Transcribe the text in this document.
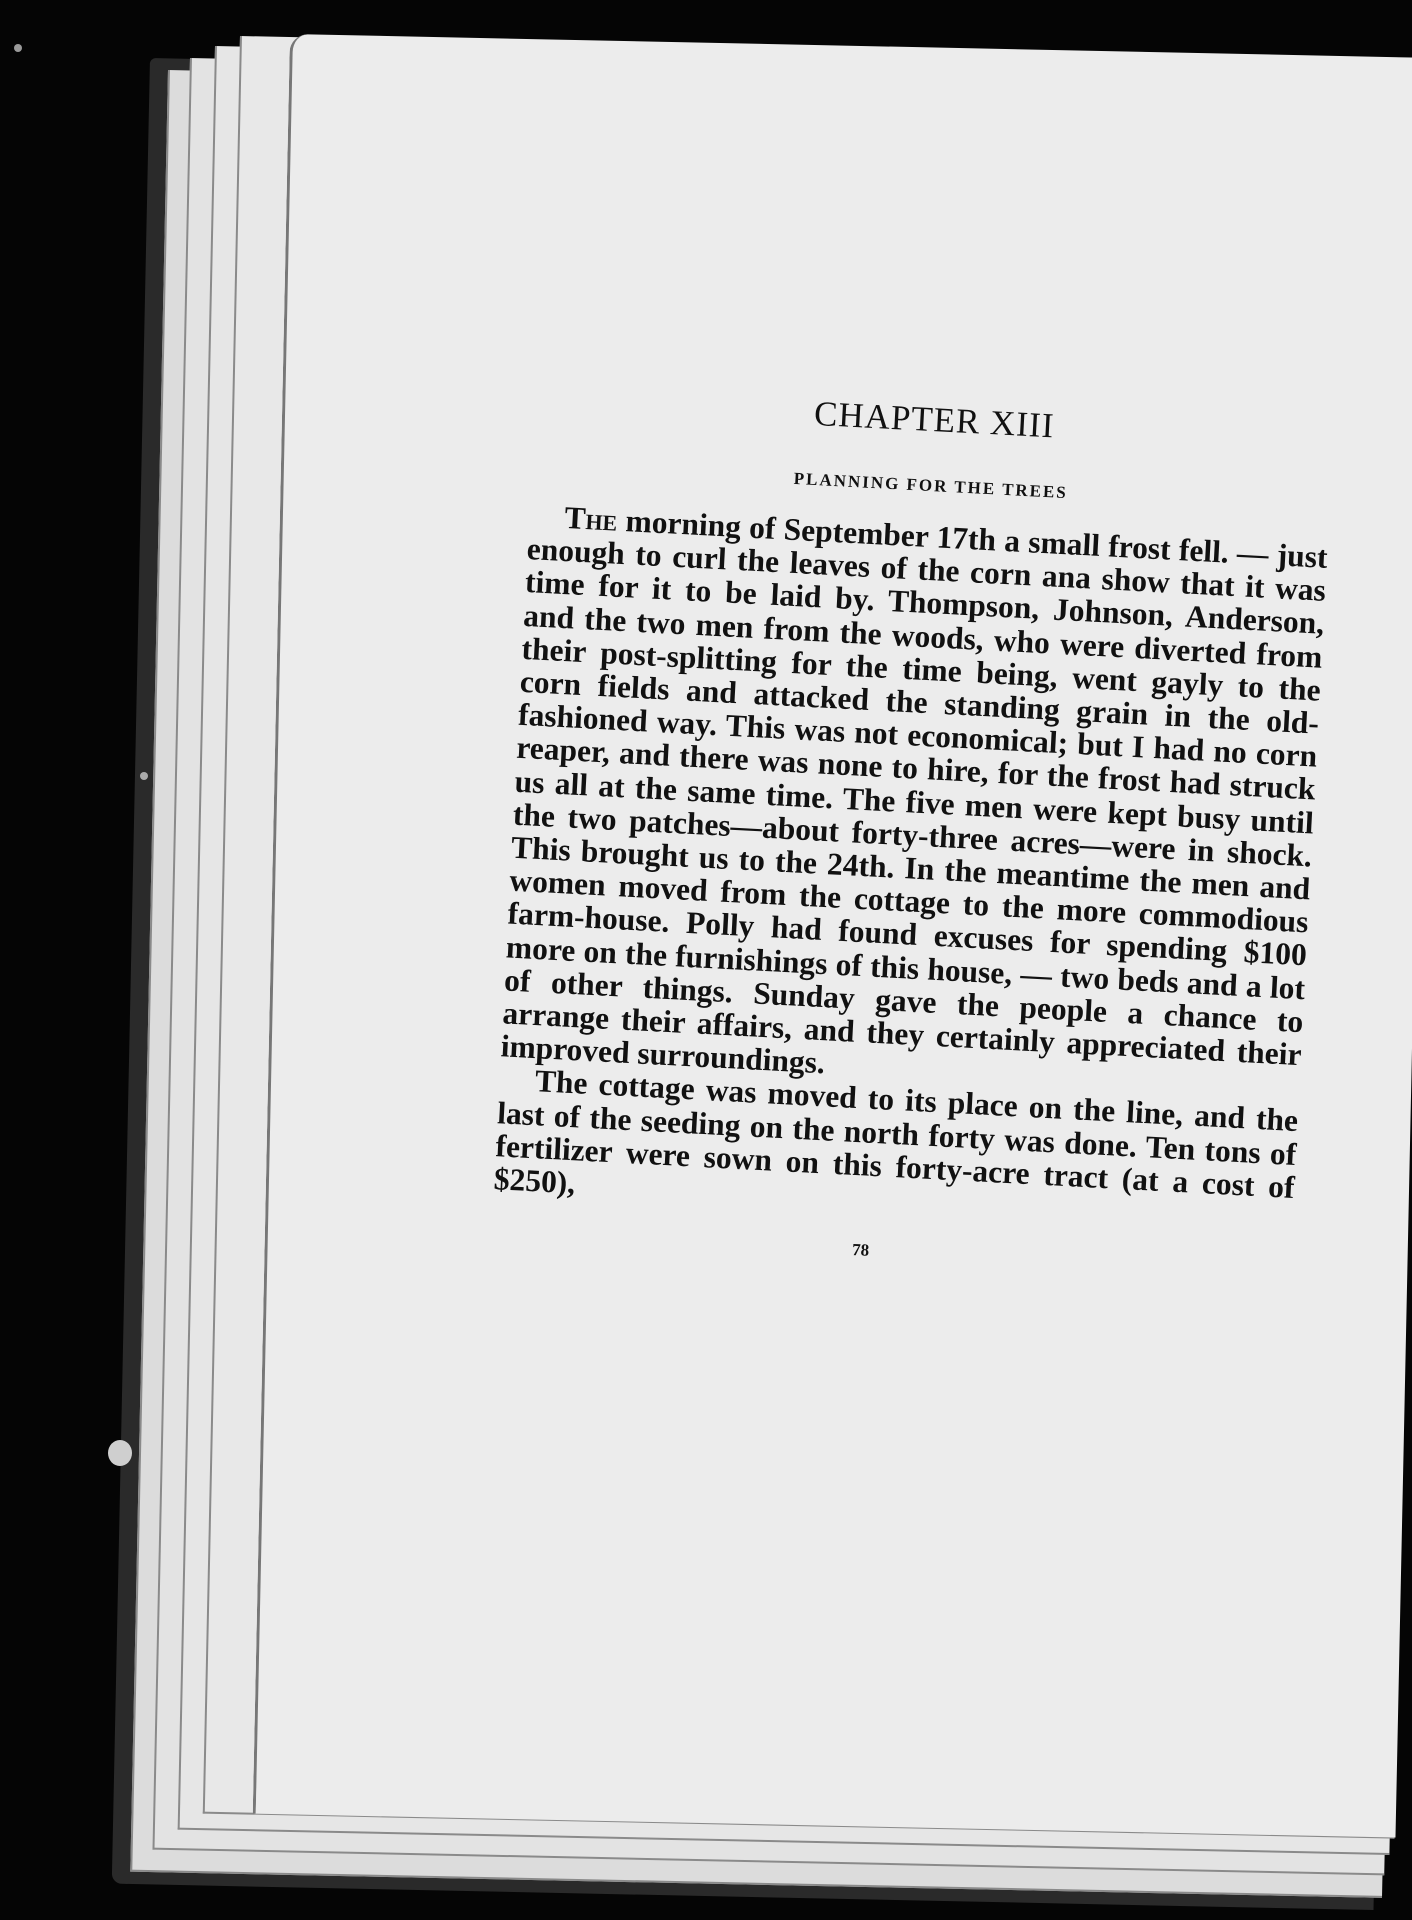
CHAPTER XIII
PLANNING FOR THE TREES

The morning of September 17th a small frost fell. — just enough to curl the leaves of the corn ana show that it was time for it to be laid by. Thompson, Johnson, Anderson, and the two men from the woods, who were diverted from their post-splitting for the time being, went gayly to the corn fields and attacked the standing grain in the old-fashioned way. This was not economical; but I had no corn reaper, and there was none to hire, for the frost had struck us all at the same time. The five men were kept busy until the two patches—about forty-three acres—were in shock. This brought us to the 24th. In the meantime the men and women moved from the cottage to the more commodious farm-house. Polly had found excuses for spending $100 more on the furnishings of this house, — two beds and a lot of other things. Sunday gave the people a chance to arrange their affairs, and they certainly appreciated their improved surroundings.

The cottage was moved to its place on the line, and the last of the seeding on the north forty was done. Ten tons of fertilizer were sown on this forty-acre tract (at a cost of $250),

78
